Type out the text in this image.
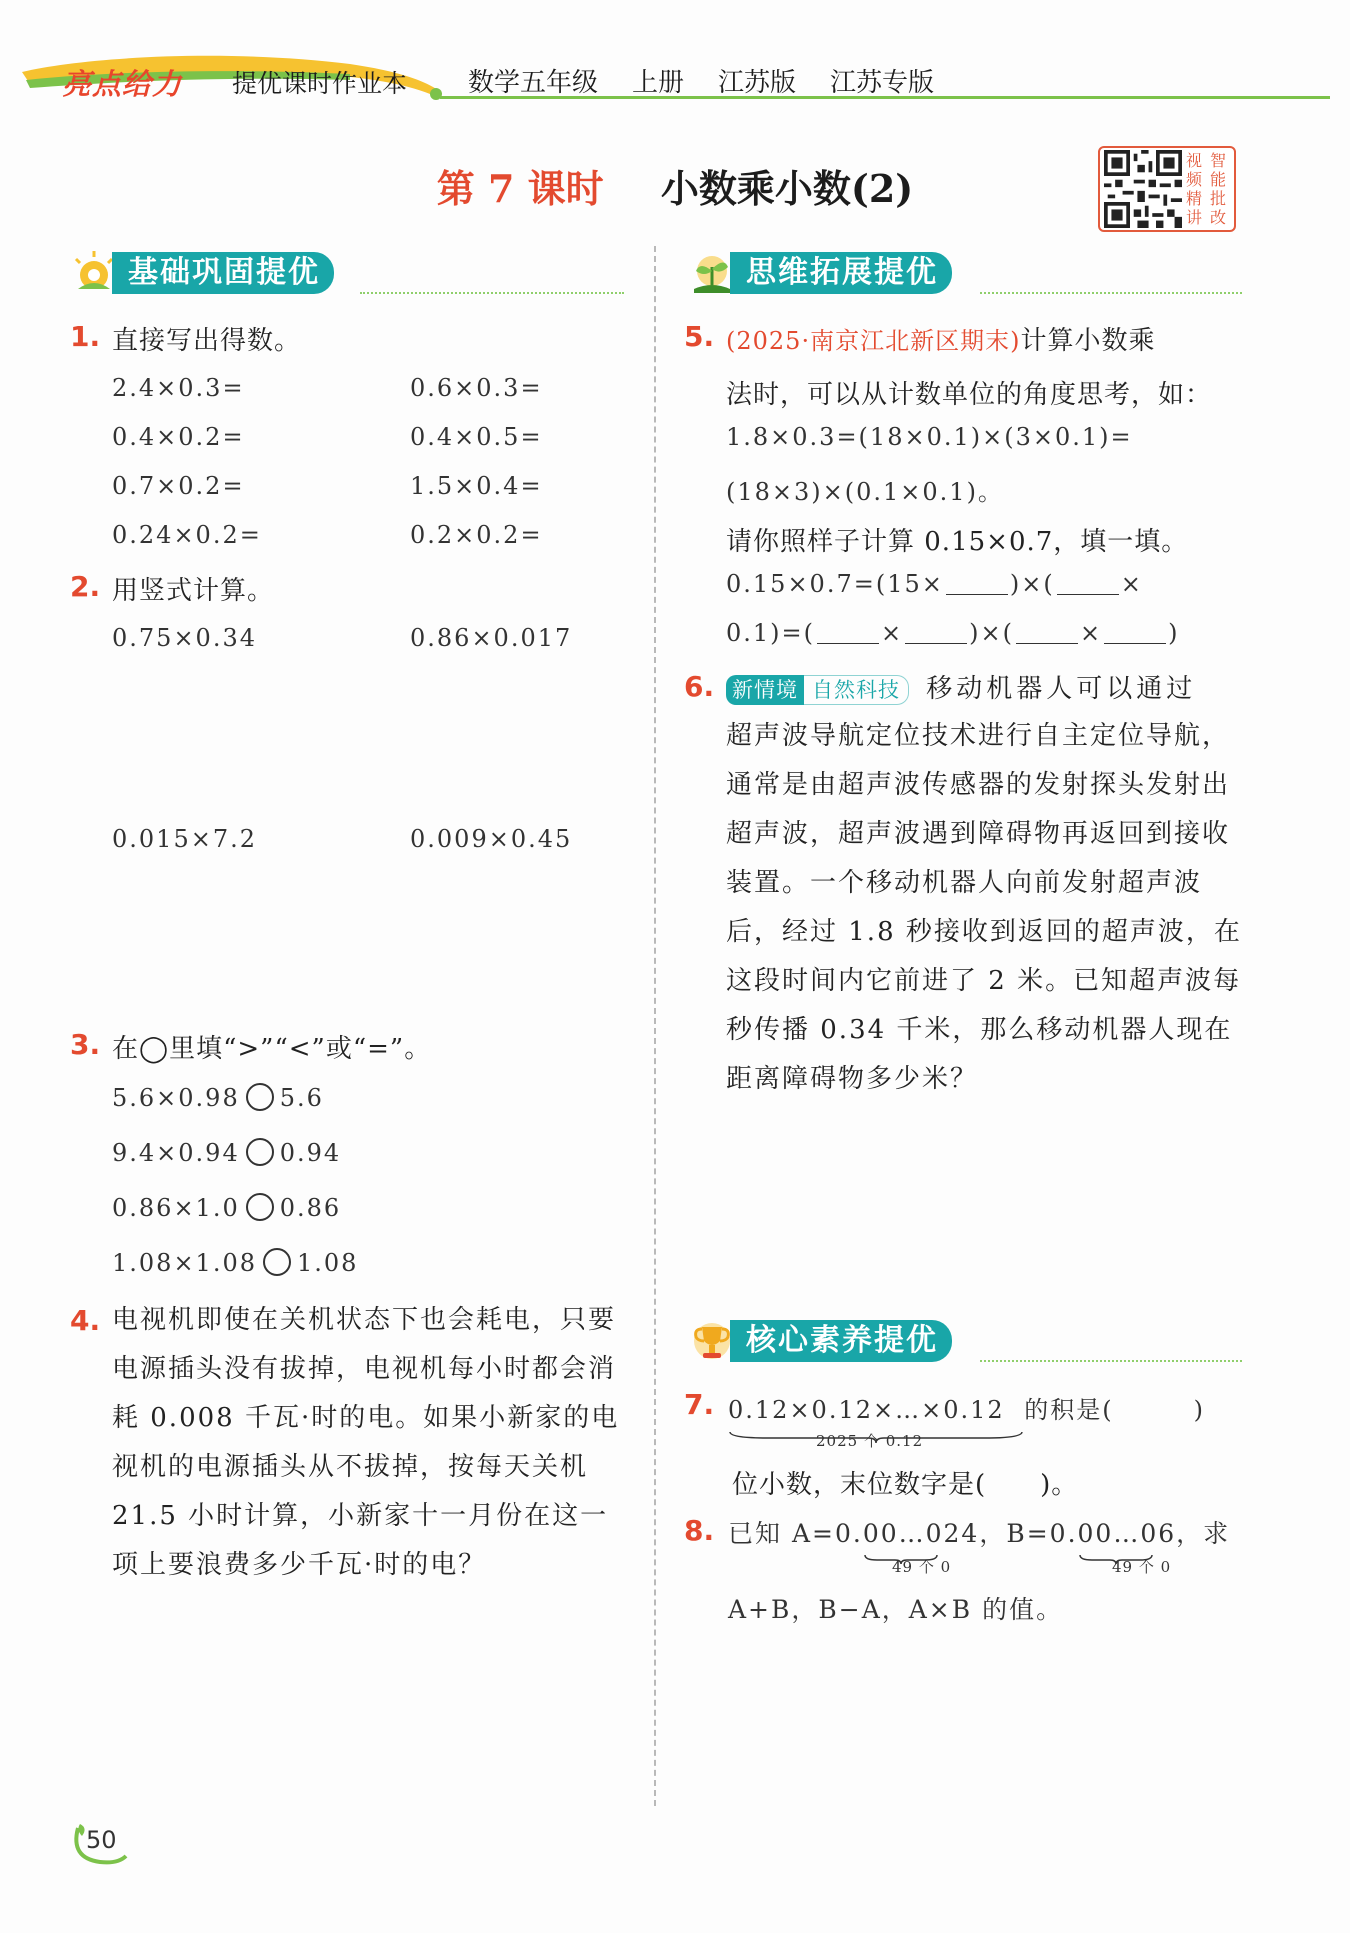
亮点给力 提优课时作业本 数学五年级 上册 江苏版 江苏专版
第 7 课时 小数乘小数(2)
视 智
频 能
精 批
讲 改
基础巩固提优
1. 直接写出得数。
2.4×0.3=	0.6×0.3=
0.4×0.2=	0.4×0.5=
0.7×0.2=	1.5×0.4=
0.24×0.2=	0.2×0.2=
2. 用竖式计算。
0.75×0.34	0.86×0.017
0.015×7.2	0.009×0.45
3. 在◯里填“>”“<”或“=”。
5.6×0.98 5.6
9.4×0.94 0.94
0.86×1.0 0.86
1.08×1.08 1.08
4. 电视机即使在关机状态下也会耗电，只要电源插头没有拔掉，电视机每小时都会消耗 0.008 千瓦·时的电。如果小新家的电视机的电源插头从不拔掉，按每天关机 21.5 小时计算，小新家十一月份在这一项上要浪费多少千瓦·时的电？
思维拓展提优
5. (2025·南京江北新区期末)计算小数乘
法时，可以从计数单位的角度思考，如：
1.8×0.3=(18×0.1)×(3×0.1)=
(18×3)×(0.1×0.1)。
请你照样子计算 0.15×0.7，填一填。
0.15×0.7=(15×	)×(	×
0.1)=(	×	)×(	×	)
6. 新情境 自然科技 移动机器人可以通过
超声波导航定位技术进行自主定位导航，通常是由超声波传感器的发射探头发射出超声波，超声波遇到障碍物再返回到接收装置。一个移动机器人向前发射超声波后，经过 1.8 秒接收到返回的超声波，在这段时间内它前进了 2 米。已知超声波每秒传播 0.34 千米，那么移动机器人现在距离障碍物多少米？
核心素养提优
7. 0.12×0.12×…×0.12 的积是(	)
2025 个 0.12
位小数，末位数字是( )。
8. 已知 A=0.00…0
24，B=0.00…0
6，求
49 个 0	49 个 0
A+B，B−A，A×B 的值。
50
